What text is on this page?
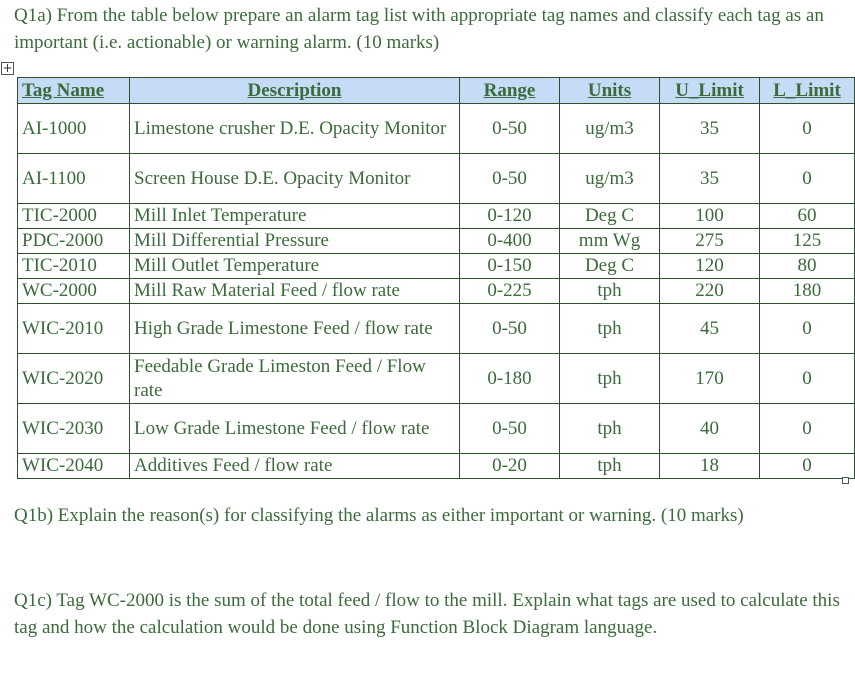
Q1a) From the table below prepare an alarm tag list with appropriate tag names and classify each tag as an important (i.e. actionable) or warning alarm. (10 marks)
+
Tag Name	Description	Range	Units	U_Limit	L_Limit
AI-1000	Limestone crusher D.E. Opacity Monitor	0-50	ug/m3	35	0
AI-1100	Screen House D.E. Opacity Monitor	0-50	ug/m3	35	0
TIC-2000	Mill Inlet Temperature	0-120	Deg C	100	60
PDC-2000	Mill Differential Pressure	0-400	mm Wg	275	125
TIC-2010	Mill Outlet Temperature	0-150	Deg C	120	80
WC-2000	Mill Raw Material Feed / flow rate	0-225	tph	220	180
WIC-2010	High Grade Limestone Feed / flow rate	0-50	tph	45	0
WIC-2020	Feedable Grade Limeston Feed / Flow rate	0-180	tph	170	0
WIC-2030	Low Grade Limestone Feed / flow rate	0-50	tph	40	0
WIC-2040	Additives Feed / flow rate	0-20	tph	18	0
Q1b) Explain the reason(s) for classifying the alarms as either important or warning. (10 marks)
Q1c) Tag WC-2000 is the sum of the total feed / flow to the mill. Explain what tags are used to calculate this tag and how the calculation would be done using Function Block Diagram language.
